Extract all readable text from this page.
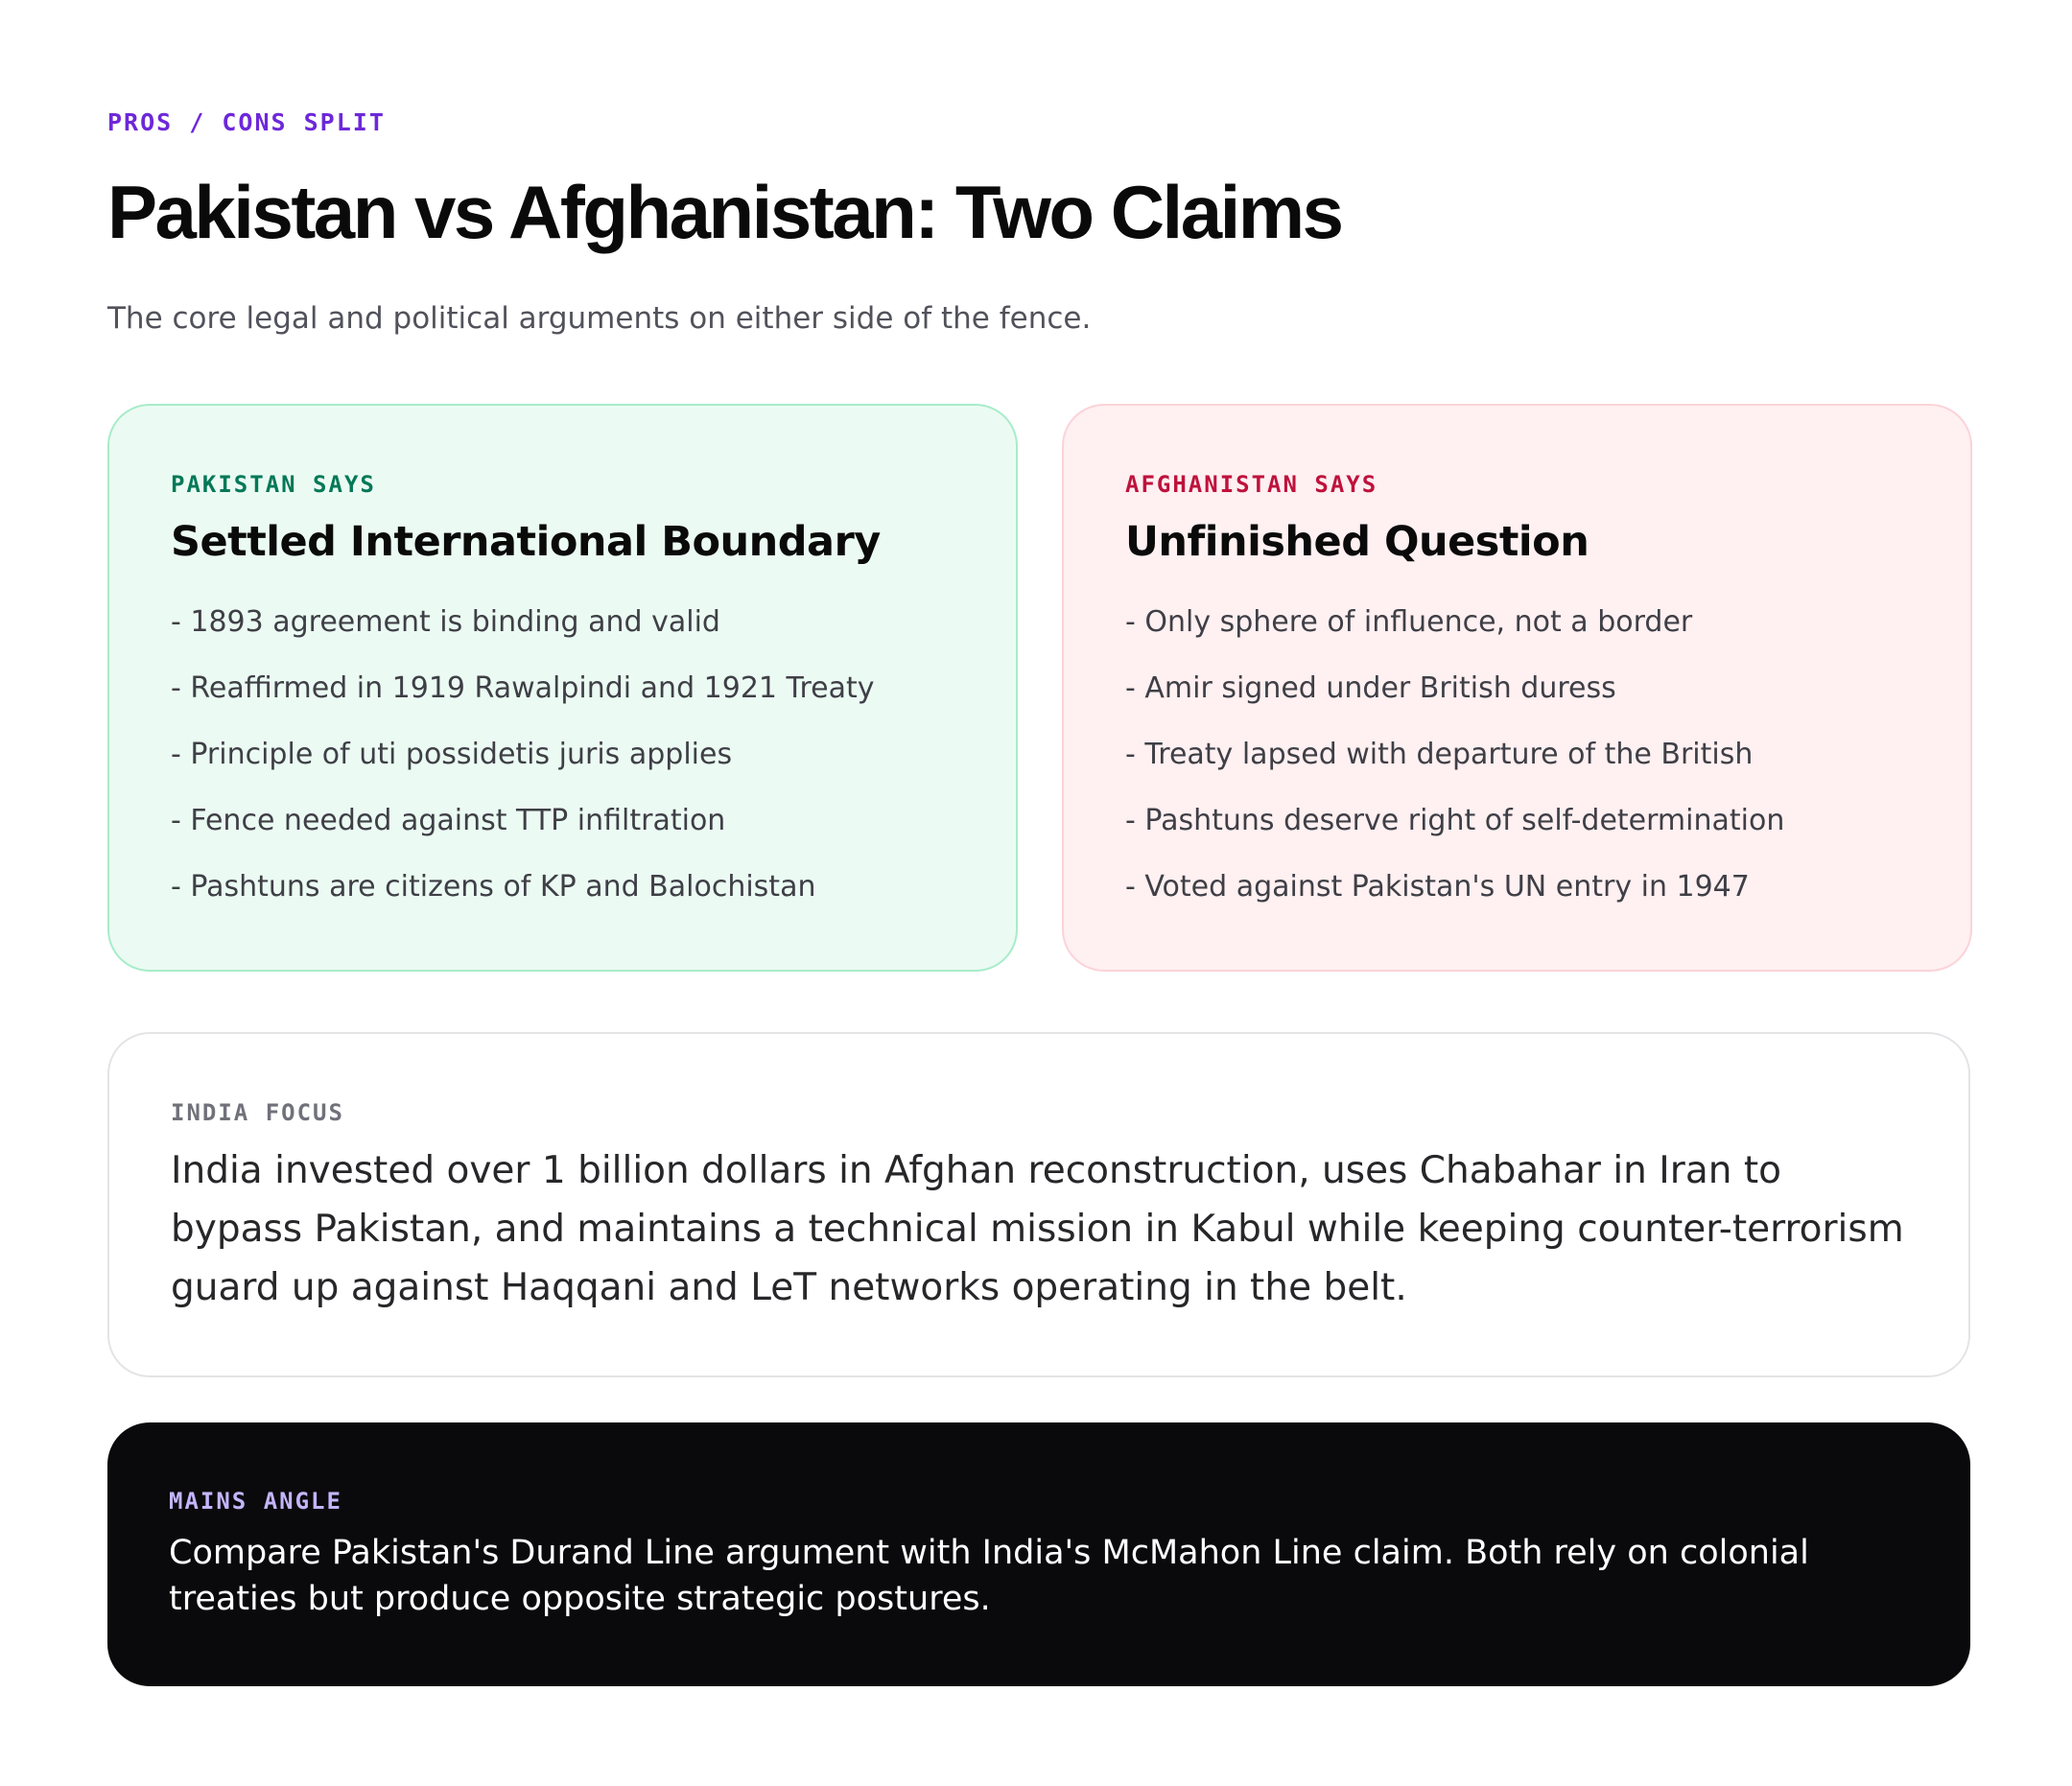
PROS / CONS SPLIT
Pakistan vs Afghanistan: Two Claims

The core legal and political arguments on either side of the fence.

PAKISTAN SAYS
Settled International Boundary
- 1893 agreement is binding and valid
- Reaffirmed in 1919 Rawalpindi and 1921 Treaty
- Principle of uti possidetis juris applies
- Fence needed against TTP infiltration
- Pashtuns are citizens of KP and Balochistan
AFGHANISTAN SAYS
Unfinished Question
- Only sphere of influence, not a border
- Amir signed under British duress
- Treaty lapsed with departure of the British
- Pashtuns deserve right of self-determination
- Voted against Pakistan's UN entry in 1947
INDIA FOCUS

India invested over 1 billion dollars in Afghan reconstruction, uses Chabahar in Iran to bypass Pakistan, and maintains a technical mission in Kabul while keeping counter-terrorism guard up against Haqqani and LeT networks operating in the belt.

MAINS ANGLE

Compare Pakistan's Durand Line argument with India's McMahon Line claim. Both rely on colonial treaties but produce opposite strategic postures.
